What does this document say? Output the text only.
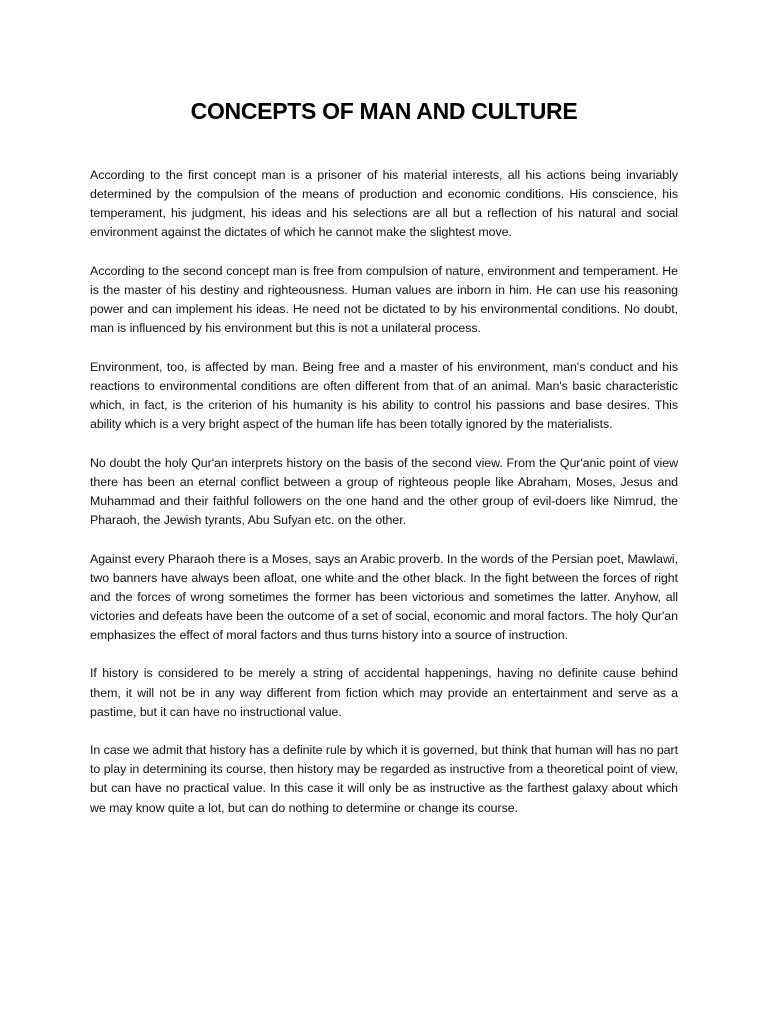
CONCEPTS OF MAN AND CULTURE

According to the first concept man is a prisoner of his material interests, all his actions being invariably determined by the compulsion of the means of production and economic conditions. His conscience, his temperament, his judgment, his ideas and his selections are all but a reflection of his natural and social environment against the dictates of which he cannot make the slightest move.

According to the second concept man is free from compulsion of nature, environment and temperament. He is the master of his destiny and righteousness. Human values are inborn in him. He can use his reasoning power and can implement his ideas. He need not be dictated to by his environmental conditions. No doubt, man is influenced by his environment but this is not a unilateral process.

Environment, too, is affected by man. Being free and a master of his environment, man's conduct and his reactions to environmental conditions are often different from that of an animal. Man's basic characteristic which, in fact, is the criterion of his humanity is his ability to control his passions and base desires. This ability which is a very bright aspect of the human life has been totally ignored by the materialists.

No doubt the holy Qur'an interprets history on the basis of the second view. From the Qur'anic point of view there has been an eternal conflict between a group of righteous people like Abraham, Moses, Jesus and Muhammad and their faithful followers on the one hand and the other group of evil-doers like Nimrud, the Pharaoh, the Jewish tyrants, Abu Sufyan etc. on the other.

Against every Pharaoh there is a Moses, says an Arabic proverb. In the words of the Persian poet, Mawlawi, two banners have always been afloat, one white and the other black. In the fight between the forces of right and the forces of wrong sometimes the former has been victorious and sometimes the latter. Anyhow, all victories and defeats have been the outcome of a set of social, economic and moral factors. The holy Qur'an emphasizes the effect of moral factors and thus turns history into a source of instruction.

If history is considered to be merely a string of accidental happenings, having no definite cause behind them, it will not be in any way different from fiction which may provide an entertainment and serve as a pastime, but it can have no instructional value.

In case we admit that history has a definite rule by which it is governed, but think that human will has no part to play in determining its course, then history may be regarded as instructive from a theoretical point of view, but can have no practical value. In this case it will only be as instructive as the farthest galaxy about which we may know quite a lot, but can do nothing to determine or change its course.
